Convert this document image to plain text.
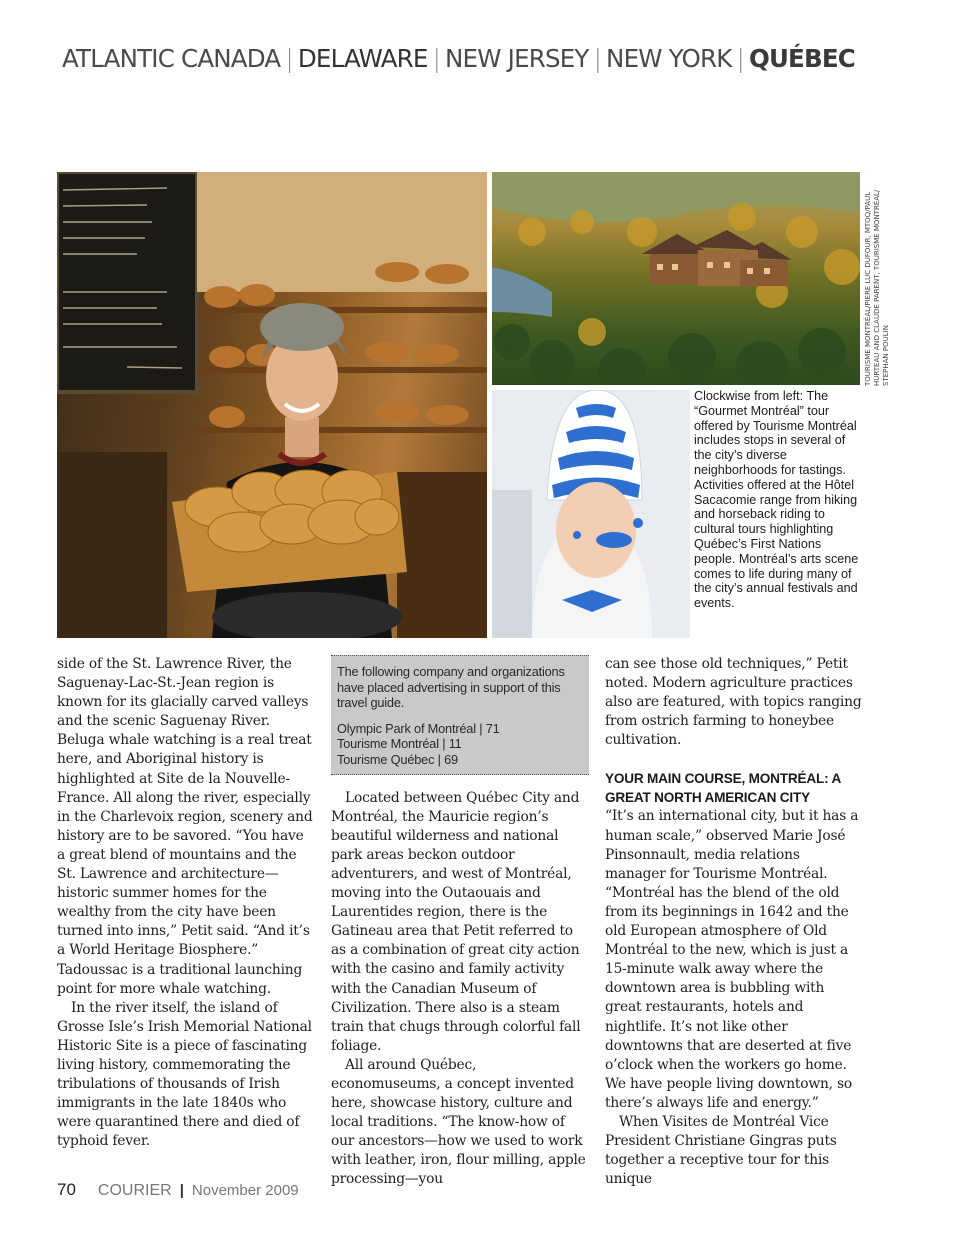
ATLANTIC CANADA | DELAWARE | NEW JERSEY | NEW YORK | QUÉBEC
TOURISME MONTRÉAL/PIERE LUC DUFOUR, MTOQ/PAUL HURTEAU AND CLAUDE PARENT, TOURISME MONTRÉAL/ STEPHAN POULIN
Clockwise from left: The “Gourmet Montréal” tour offered by Tourisme Montréal includes stops in several of the city’s diverse neighborhoods for tastings. Activities offered at the Hôtel Sacacomie range from hiking and horseback riding to cultural tours highlighting Québec’s First Nations people. Montréal’s arts scene comes to life during many of the city’s annual festivals and events.

side of the St. Lawrence River, the Saguenay-Lac-St.-Jean region is known for its glacially carved valleys and the scenic Saguenay River. Beluga whale watching is a real treat here, and Aboriginal history is highlighted at Site de la Nouvelle-France. All along the river, especially in the Charlevoix region, scenery and history are to be savored. “You have a great blend of mountains and the St. Lawrence and architecture—historic summer homes for the wealthy from the city have been turned into inns,” Petit said. “And it’s a World Heritage Biosphere.” Tadoussac is a traditional launching point for more whale watching.

In the river itself, the island of Grosse Isle’s Irish Memorial National Historic Site is a piece of fascinating living history, commemorating the tribulations of thousands of Irish immigrants in the late 1840s who were quarantined there and died of typhoid fever.

The following company and organizations have placed advertising in support of this travel guide.
Olympic Park of Montréal | 71
Tourisme Montréal | 11
Tourisme Québec | 69

Located between Québec City and Montréal, the Mauricie region’s beautiful wilderness and national park areas beckon outdoor adventurers, and west of Montréal, moving into the Outaouais and Laurentides region, there is the Gatineau area that Petit referred to as a combination of great city action with the casino and family activity with the Canadian Museum of Civilization. There also is a steam train that chugs through colorful fall foliage.

All around Québec, economuseums, a concept invented here, showcase history, culture and local traditions. “The know-how of our ancestors—how we used to work with leather, iron, flour milling, apple processing—you

can see those old techniques,” Petit noted. Modern agriculture practices also are featured, with topics ranging from ostrich farming to honeybee cultivation.

YOUR MAIN COURSE, MONTRÉAL: A GREAT NORTH AMERICAN CITY

“It’s an international city, but it has a human scale,” observed Marie José Pinsonnault, media relations manager for Tourisme Montréal. “Montréal has the blend of the old from its beginnings in 1642 and the old European atmosphere of Old Montréal to the new, which is just a 15-minute walk away where the downtown area is bubbling with great restaurants, hotels and nightlife. It’s not like other downtowns that are deserted at five o’clock when the workers go home. We have people living downtown, so there’s always life and energy.”

When Visites de Montréal Vice President Christiane Gingras puts together a receptive tour for this unique

70 COURIER | November 2009
